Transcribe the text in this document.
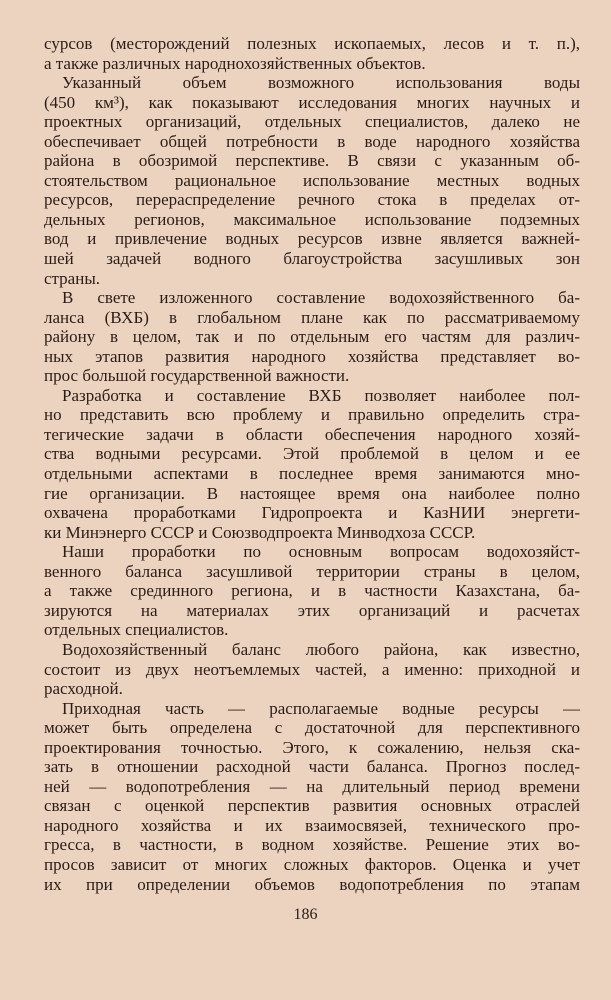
сурсов (месторождений полезных ископаемых, лесов и т. п.),
а также различных народнохозяйственных объектов.
Указанный объем возможного использования воды
(450 км³), как показывают исследования многих научных и
проектных организаций, отдельных специалистов, далеко не
обеспечивает общей потребности в воде народного хозяйства
района в обозримой перспективе. В связи с указанным об-
стоятельством рациональное использование местных водных
ресурсов, перераспределение речного стока в пределах от-
дельных регионов, максимальное использование подземных
вод и привлечение водных ресурсов извне является важней-
шей задачей водного благоустройства засушливых зон
страны.
В свете изложенного составление водохозяйственного ба-
ланса (ВХБ) в глобальном плане как по рассматриваемому
району в целом, так и по отдельным его частям для различ-
ных этапов развития народного хозяйства представляет во-
прос большой государственной важности.
Разработка и составление ВХБ позволяет наиболее пол-
но представить всю проблему и правильно определить стра-
тегические задачи в области обеспечения народного хозяй-
ства водными ресурсами. Этой проблемой в целом и ее
отдельными аспектами в последнее время занимаются мно-
гие организации. В настоящее время она наиболее полно
охвачена проработками Гидропроекта и КазНИИ энергети-
ки Минэнерго СССР и Союзводпроекта Минводхоза СССР.
Наши проработки по основным вопросам водохозяйст-
венного баланса засушливой территории страны в целом,
а также срединного региона, и в частности Казахстана, ба-
зируются на материалах этих организаций и расчетах
отдельных специалистов.
Водохозяйственный баланс любого района, как известно,
состоит из двух неотъемлемых частей, а именно: приходной и
расходной.
Приходная часть — располагаемые водные ресурсы —
может быть определена с достаточной для перспективного
проектирования точностью. Этого, к сожалению, нельзя ска-
зать в отношении расходной части баланса. Прогноз послед-
ней — водопотребления — на длительный период времени
связан с оценкой перспектив развития основных отраслей
народного хозяйства и их взаимосвязей, технического про-
гресса, в частности, в водном хозяйстве. Решение этих во-
просов зависит от многих сложных факторов. Оценка и учет
их при определении объемов водопотребления по этапам
186
